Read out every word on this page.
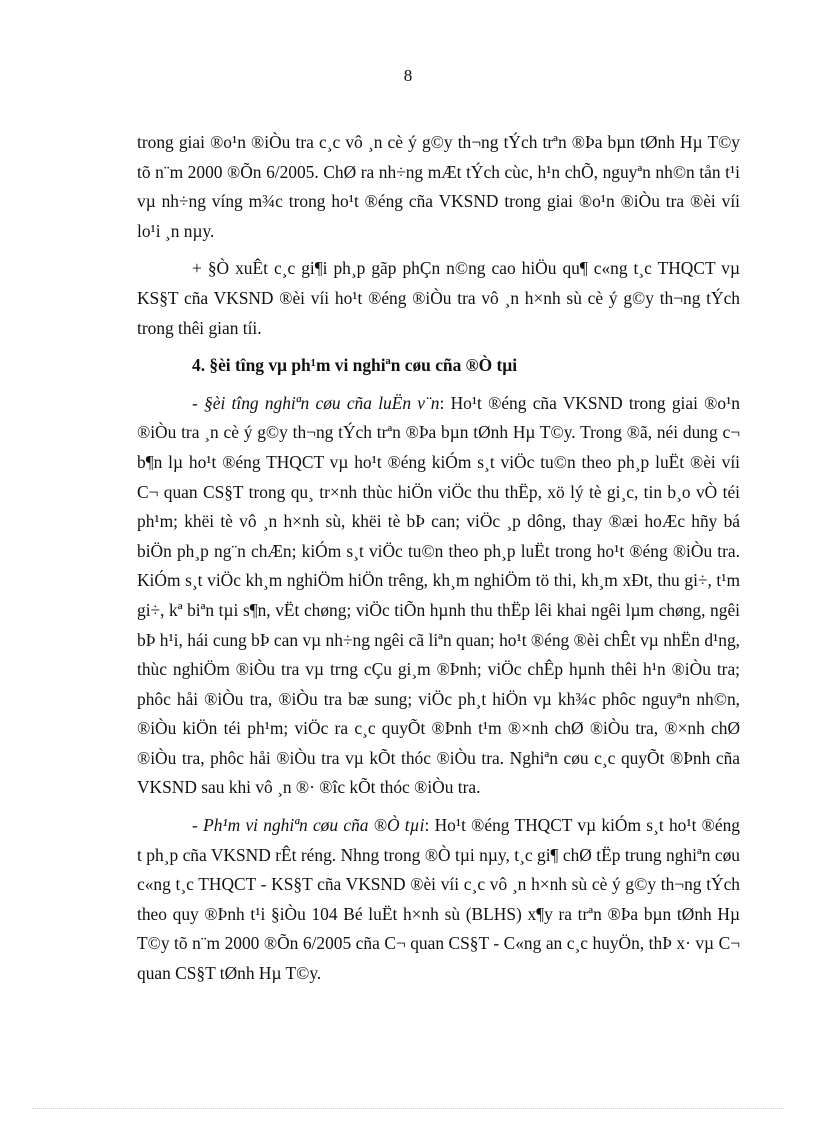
8

trong giai ®o¹n ®iÒu tra c¸c vô ¸n cè ý g©y th¬ng tÝch trªn ®Þa bµn tØnh Hµ T©y tõ n¨m 2000 ®Õn 6/2005. ChØ ra nh÷ng mÆt tÝch cùc, h¹n chÕ, nguyªn nh©n tån t¹i vµ nh÷ng víng m¾c trong ho¹t ®éng cña VKSND trong giai ®o¹n ®iÒu tra ®èi víi lo¹i ¸n nµy.

+ §Ò xuÊt c¸c gi¶i ph¸p gãp phÇn n©ng cao hiÖu qu¶ c«ng t¸c THQCT vµ KS§T cña VKSND ®èi víi ho¹t ®éng ®iÒu tra vô ¸n h×nh sù cè ý g©y th¬ng tÝch trong thêi gian tíi.

4. §èi tîng vµ ph¹m vi nghiªn cøu cña ®Ò tµi

- §èi tîng nghiªn cøu cña luËn v¨n: Ho¹t ®éng cña VKSND trong giai ®o¹n ®iÒu tra ¸n cè ý g©y th¬ng tÝch trªn ®Þa bµn tØnh Hµ T©y. Trong ®ã, néi dung c¬ b¶n lµ ho¹t ®éng THQCT vµ ho¹t ®éng kiÓm s¸t viÖc tu©n theo ph¸p luËt ®èi víi C¬ quan CS§T trong qu¸ tr×nh thùc hiÖn viÖc thu thËp, xö lý tè gi¸c, tin b¸o vÒ téi ph¹m; khëi tè vô ¸n h×nh sù, khëi tè bÞ can; viÖc ¸p dông, thay ®æi hoÆc hñy bá biÖn ph¸p ng¨n chÆn; kiÓm s¸t viÖc tu©n theo ph¸p luËt trong ho¹t ®éng ®iÒu tra. KiÓm s¸t viÖc kh¸m nghiÖm hiÖn trêng, kh¸m nghiÖm tö thi, kh¸m xÐt, thu gi÷, t¹m gi÷, kª biªn tµi s¶n, vËt chøng; viÖc tiÕn hµnh thu thËp lêi khai ngêi lµm chøng, ngêi bÞ h¹i, hái cung bÞ can vµ nh÷ng ngêi cã liªn quan; ho¹t ®éng ®èi chÊt vµ nhËn d¹ng, thùc nghiÖm ®iÒu tra vµ trng cÇu gi¸m ®Þnh; viÖc chÊp hµnh thêi h¹n ®iÒu tra; phôc håi ®iÒu tra, ®iÒu tra bæ sung; viÖc ph¸t hiÖn vµ kh¾c phôc nguyªn nh©n, ®iÒu kiÖn téi ph¹m; viÖc ra c¸c quyÕt ®Þnh t¹m ®×nh chØ ®iÒu tra, ®×nh chØ ®iÒu tra, phôc håi ®iÒu tra vµ kÕt thóc ®iÒu tra. Nghiªn cøu c¸c quyÕt ®Þnh cña VKSND sau khi vô ¸n ®· ®îc kÕt thóc ®iÒu tra.

- Ph¹m vi nghiªn cøu cña ®Ò tµi: Ho¹t ®éng THQCT vµ kiÓm s¸t ho¹t ®éng t ph¸p cña VKSND rÊt réng. Nhng trong ®Ò tµi nµy, t¸c gi¶ chØ tËp trung nghiªn cøu c«ng t¸c THQCT - KS§T cña VKSND ®èi víi c¸c vô ¸n h×nh sù cè ý g©y th¬ng tÝch theo quy ®Þnh t¹i §iÒu 104 Bé luËt h×nh sù (BLHS) x¶y ra trªn ®Þa bµn tØnh Hµ T©y tõ n¨m 2000 ®Õn 6/2005 cña C¬ quan CS§T - C«ng an c¸c huyÖn, thÞ x· vµ C¬ quan CS§T tØnh Hµ T©y.
